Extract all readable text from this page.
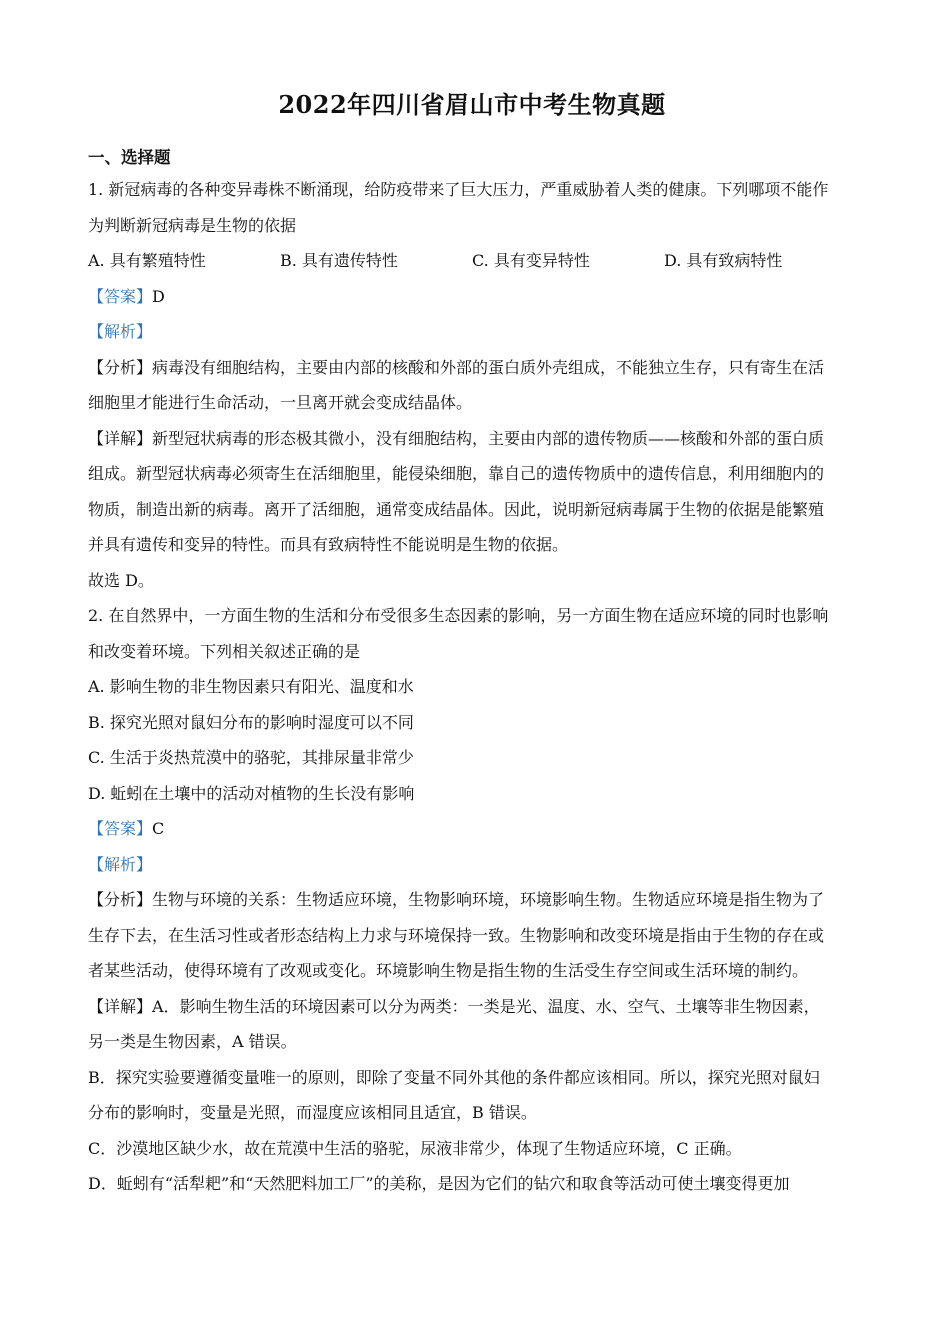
2022年四川省眉山市中考生物真题
一、选择题
1. 新冠病毒的各种变异毒株不断涌现，给防疫带来了巨大压力，严重威胁着人类的健康。下列哪项不能作
为判断新冠病毒是生物的依据
A. 具有繁殖特性	B. 具有遗传特性	C. 具有变异特性	D. 具有致病特性
【答案】D
【解析】
【分析】病毒没有细胞结构，主要由内部的核酸和外部的蛋白质外壳组成，不能独立生存，只有寄生在活
细胞里才能进行生命活动，一旦离开就会变成结晶体。
【详解】新型冠状病毒的形态极其微小，没有细胞结构，主要由内部的遗传物质——核酸和外部的蛋白质
组成。新型冠状病毒必须寄生在活细胞里，能侵染细胞，靠自己的遗传物质中的遗传信息，利用细胞内的
物质，制造出新的病毒。离开了活细胞，通常变成结晶体。因此，说明新冠病毒属于生物的依据是能繁殖
并具有遗传和变异的特性。而具有致病特性不能说明是生物的依据。
故选 D。
2. 在自然界中，一方面生物的生活和分布受很多生态因素的影响，另一方面生物在适应环境的同时也影响
和改变着环境。下列相关叙述正确的是
A. 影响生物的非生物因素只有阳光、温度和水
B. 探究光照对鼠妇分布的影响时湿度可以不同
C. 生活于炎热荒漠中的骆驼，其排尿量非常少
D. 蚯蚓在土壤中的活动对植物的生长没有影响
【答案】C
【解析】
【分析】生物与环境的关系：生物适应环境，生物影响环境，环境影响生物。生物适应环境是指生物为了
生存下去，在生活习性或者形态结构上力求与环境保持一致。生物影响和改变环境是指由于生物的存在或
者某些活动，使得环境有了改观或变化。环境影响生物是指生物的生活受生存空间或生活环境的制约。
【详解】A．影响生物生活的环境因素可以分为两类：一类是光、温度、水、空气、土壤等非生物因素，
另一类是生物因素，A 错误。
B．探究实验要遵循变量唯一的原则，即除了变量不同外其他的条件都应该相同。所以，探究光照对鼠妇
分布的影响时，变量是光照，而湿度应该相同且适宜，B 错误。
C．沙漠地区缺少水，故在荒漠中生活的骆驼，尿液非常少，体现了生物适应环境，C 正确。
D．蚯蚓有“活犁耙”和“天然肥料加工厂”的美称，是因为它们的钻穴和取食等活动可使土壤变得更加
